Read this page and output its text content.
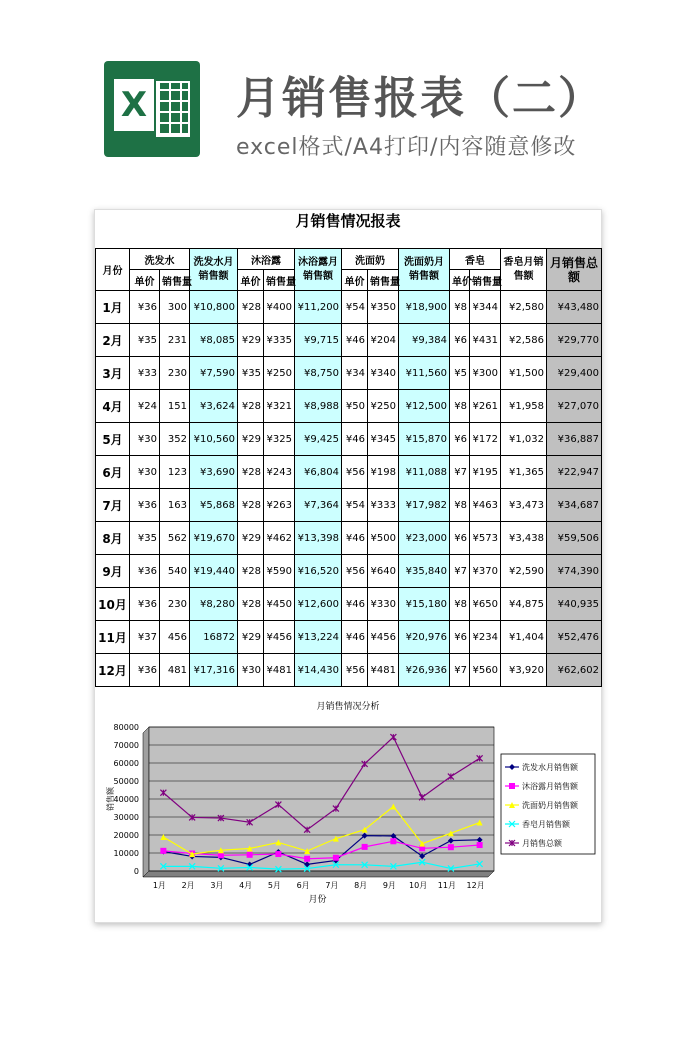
X 月销售报表（二）
excel格式/A4打印/内容随意修改
月销售情况报表
月份	洗发水		洗发水月销售额	沐浴露		沐浴露月销售额	洗面奶		洗面奶月销售额	香皂		香皂月销售额	月销售总额
	单价	销售量		单价	销售量		单价	销售量		单价	销售量		
1月	¥36	300	¥10,800	¥28	¥400	¥11,200	¥54	¥350	¥18,900	¥8	¥344	¥2,580	¥43,480
2月	¥35	231	¥8,085	¥29	¥335	¥9,715	¥46	¥204	¥9,384	¥6	¥431	¥2,586	¥29,770
3月	¥33	230	¥7,590	¥35	¥250	¥8,750	¥34	¥340	¥11,560	¥5	¥300	¥1,500	¥29,400
4月	¥24	151	¥3,624	¥28	¥321	¥8,988	¥50	¥250	¥12,500	¥8	¥261	¥1,958	¥27,070
5月	¥30	352	¥10,560	¥29	¥325	¥9,425	¥46	¥345	¥15,870	¥6	¥172	¥1,032	¥36,887
6月	¥30	123	¥3,690	¥28	¥243	¥6,804	¥56	¥198	¥11,088	¥7	¥195	¥1,365	¥22,947
7月	¥36	163	¥5,868	¥28	¥263	¥7,364	¥54	¥333	¥17,982	¥8	¥463	¥3,473	¥34,687
8月	¥35	562	¥19,670	¥29	¥462	¥13,398	¥46	¥500	¥23,000	¥6	¥573	¥3,438	¥59,506
9月	¥36	540	¥19,440	¥28	¥590	¥16,520	¥56	¥640	¥35,840	¥7	¥370	¥2,590	¥74,390
10月	¥36	230	¥8,280	¥28	¥450	¥12,600	¥46	¥330	¥15,180	¥8	¥650	¥4,875	¥40,935
11月	¥37	456	16872	¥29	¥456	¥13,224	¥46	¥456	¥20,976	¥6	¥234	¥1,404	¥52,476
12月	¥36	481	¥17,316	¥30	¥481	¥14,430	¥56	¥481	¥26,936	¥7	¥560	¥3,920	¥62,602
月销售情况分析
0
10000
20000
30000
40000
50000
60000
70000
80000
1月 2月 3月 4月 5月 6月 7月 8月 9月 10月 11月 12月
月份
销售额
洗发水月销售额
沐浴露月销售额
洗面奶月销售额
香皂月销售额
月销售总额
